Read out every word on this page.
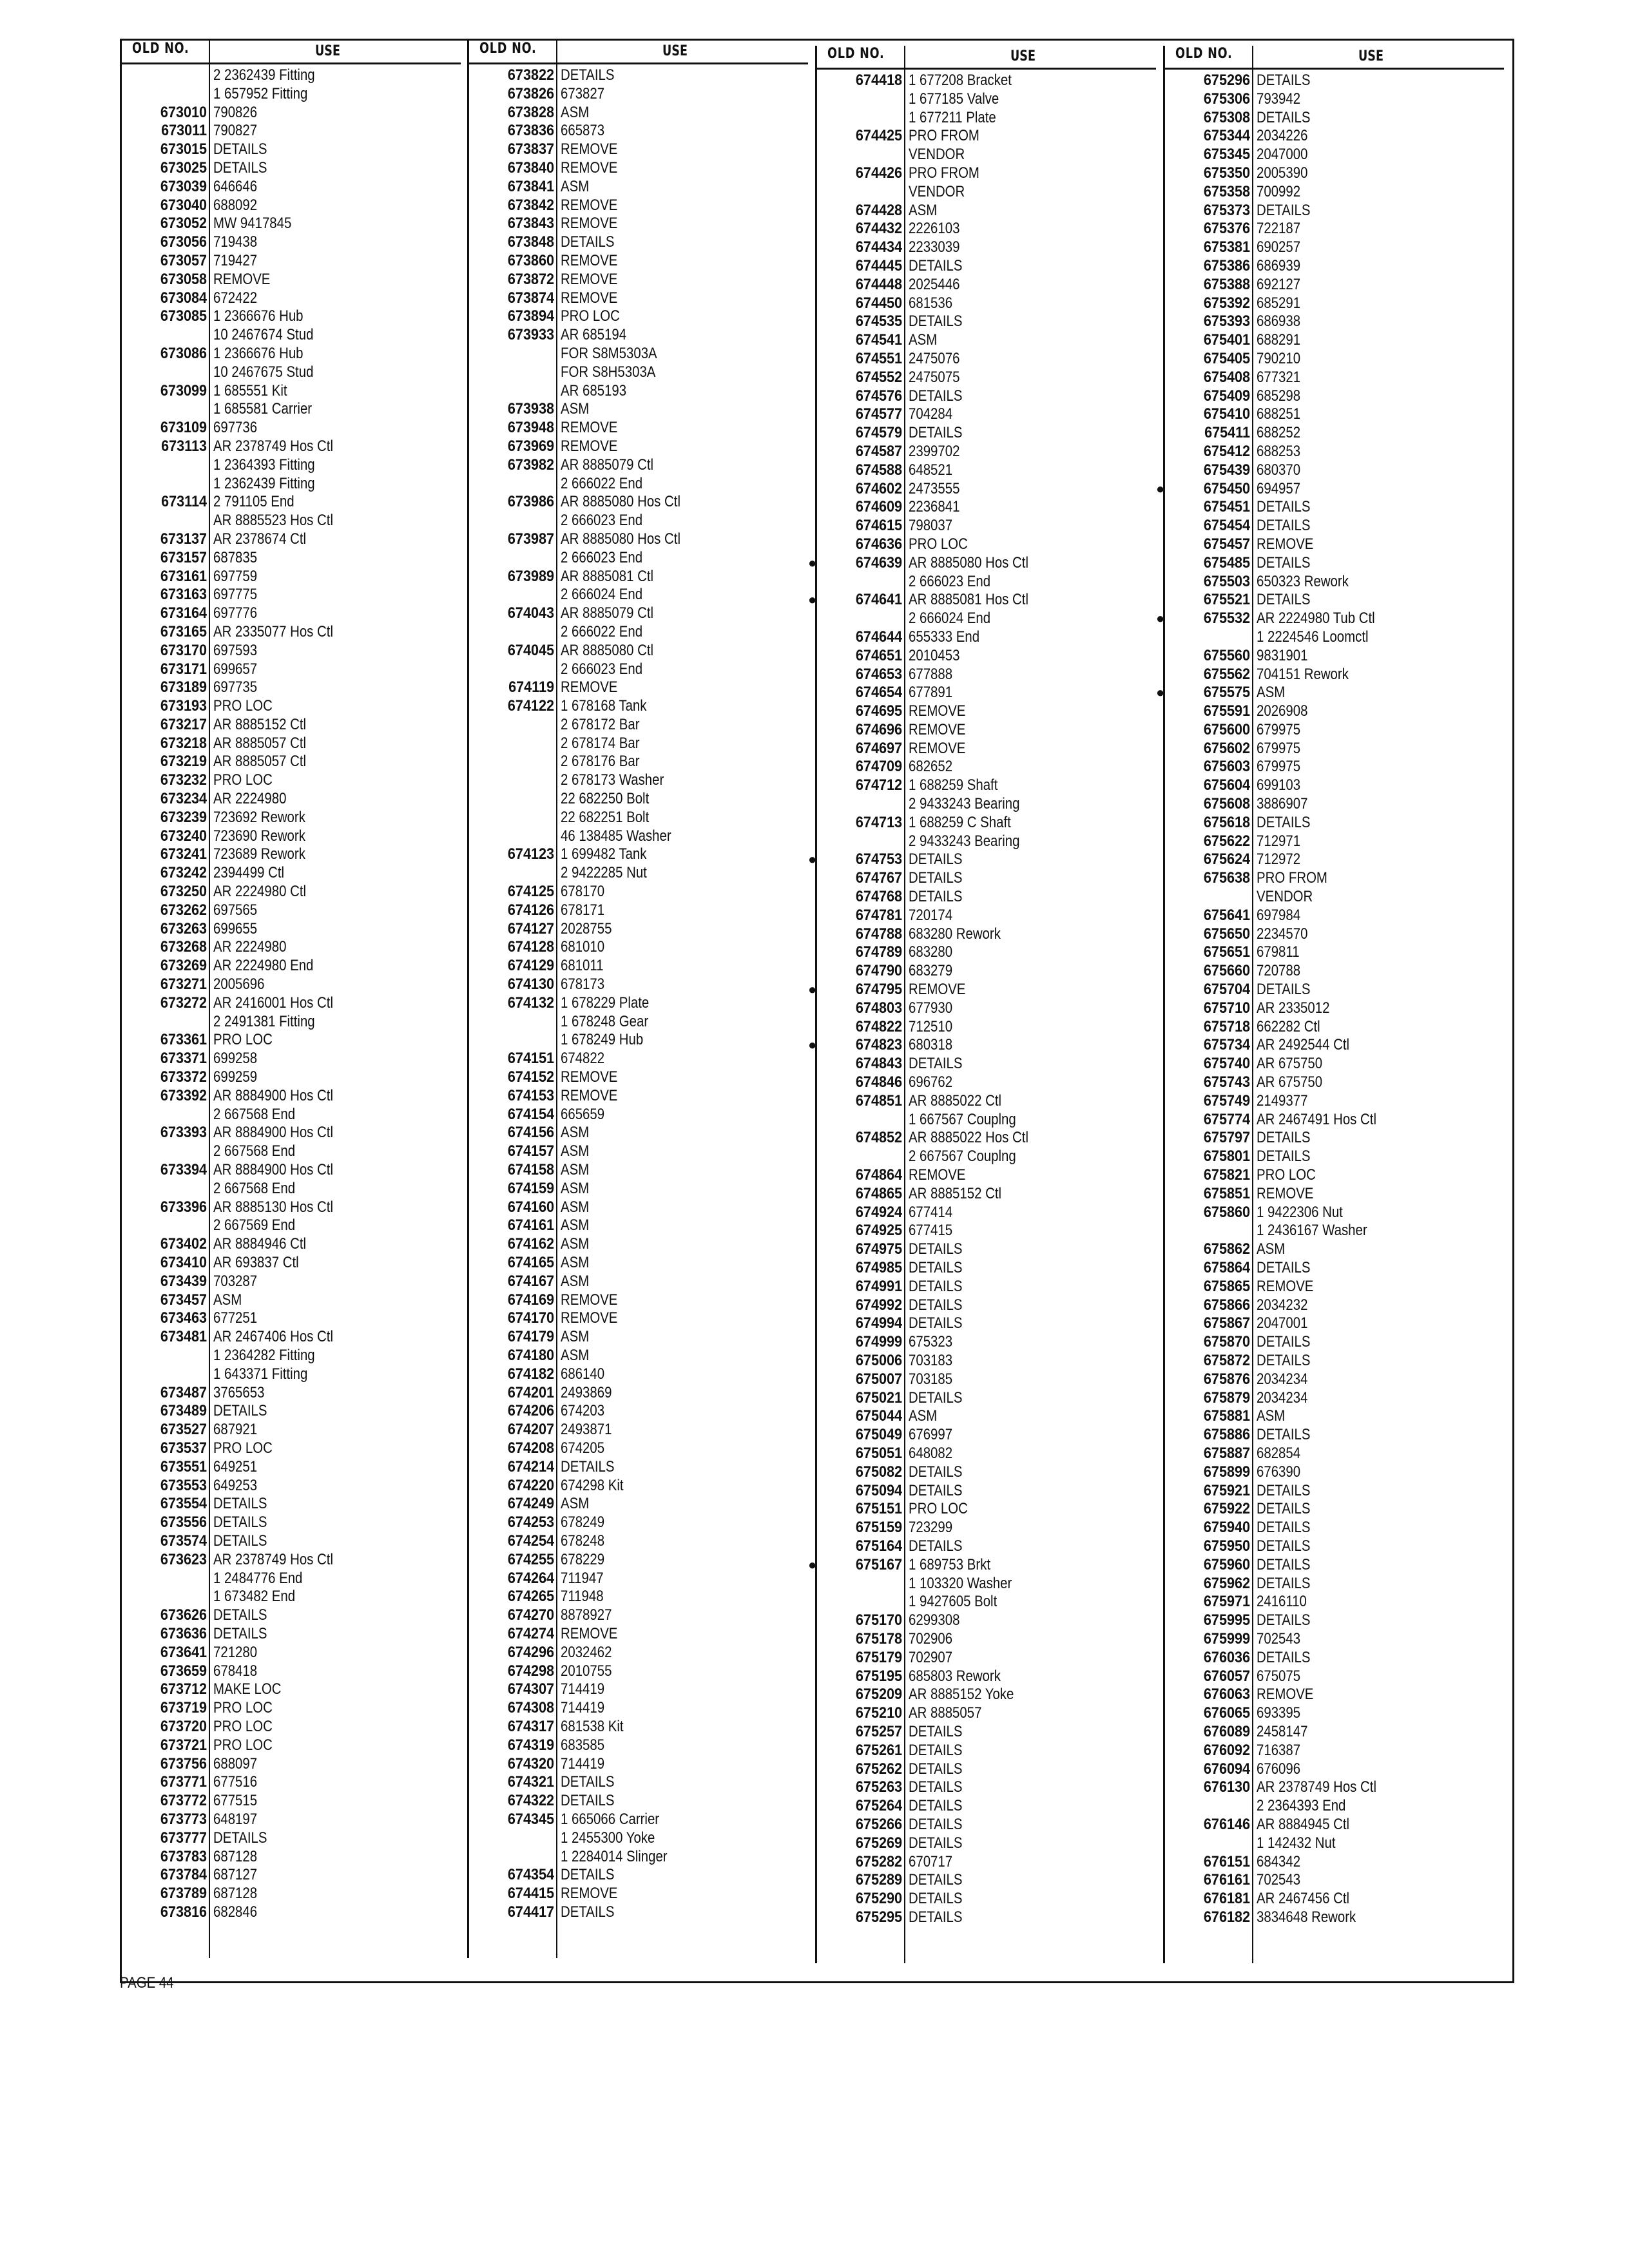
OLD NO.	USE
2 2362439 Fitting
1 657952 Fitting
673010 790826
673011 790827
673015 DETAILS
673025 DETAILS
673039 646646
673040 688092
673052 MW 9417845
673056 719438
673057 719427
673058 REMOVE
673084 672422
673085 1 2366676 Hub
10 2467674 Stud
673086 1 2366676 Hub
10 2467675 Stud
673099 1 685551 Kit
1 685581 Carrier
673109 697736
673113 AR 2378749 Hos Ctl
1 2364393 Fitting
1 2362439 Fitting
673114 2 791105 End
AR 8885523 Hos Ctl
673137 AR 2378674 Ctl
673157 687835
673161 697759
673163 697775
673164 697776
673165 AR 2335077 Hos Ctl
673170 697593
673171 699657
673189 697735
673193 PRO LOC
673217 AR 8885152 Ctl
673218 AR 8885057 Ctl
673219 AR 8885057 Ctl
673232 PRO LOC
673234 AR 2224980
673239 723692 Rework
673240 723690 Rework
673241 723689 Rework
673242 2394499 Ctl
673250 AR 2224980 Ctl
673262 697565
673263 699655
673268 AR 2224980
673269 AR 2224980 End
673271 2005696
673272 AR 2416001 Hos Ctl
2 2491381 Fitting
673361 PRO LOC
673371 699258
673372 699259
673392 AR 8884900 Hos Ctl
2 667568 End
673393 AR 8884900 Hos Ctl
2 667568 End
673394 AR 8884900 Hos Ctl
2 667568 End
673396 AR 8885130 Hos Ctl
2 667569 End
673402 AR 8884946 Ctl
673410 AR 693837 Ctl
673439 703287
673457 ASM
673463 677251
673481 AR 2467406 Hos Ctl
1 2364282 Fitting
1 643371 Fitting
673487 3765653
673489 DETAILS
673527 687921
673537 PRO LOC
673551 649251
673553 649253
673554 DETAILS
673556 DETAILS
673574 DETAILS
673623 AR 2378749 Hos Ctl
1 2484776 End
1 673482 End
673626 DETAILS
673636 DETAILS
673641 721280
673659 678418
673712 MAKE LOC
673719 PRO LOC
673720 PRO LOC
673721 PRO LOC
673756 688097
673771 677516
673772 677515
673773 648197
673777 DETAILS
673783 687128
673784 687127
673789 687128
673816 682846
OLD NO.	USE
673822 DETAILS
673826 673827
673828 ASM
673836 665873
673837 REMOVE
673840 REMOVE
673841 ASM
673842 REMOVE
673843 REMOVE
673848 DETAILS
673860 REMOVE
673872 REMOVE
673874 REMOVE
673894 PRO LOC
673933 AR 685194
FOR S8M5303A
FOR S8H5303A
AR 685193
673938 ASM
673948 REMOVE
673969 REMOVE
673982 AR 8885079 Ctl
2 666022 End
673986 AR 8885080 Hos Ctl
2 666023 End
673987 AR 8885080 Hos Ctl
2 666023 End
673989 AR 8885081 Ctl
2 666024 End
674043 AR 8885079 Ctl
2 666022 End
674045 AR 8885080 Ctl
2 666023 End
674119 REMOVE
674122 1 678168 Tank
2 678172 Bar
2 678174 Bar
2 678176 Bar
2 678173 Washer
22 682250 Bolt
22 682251 Bolt
46 138485 Washer
674123 1 699482 Tank
2 9422285 Nut
674125 678170
674126 678171
674127 2028755
674128 681010
674129 681011
674130 678173
674132 1 678229 Plate
1 678248 Gear
1 678249 Hub
674151 674822
674152 REMOVE
674153 REMOVE
674154 665659
674156 ASM
674157 ASM
674158 ASM
674159 ASM
674160 ASM
674161 ASM
674162 ASM
674165 ASM
674167 ASM
674169 REMOVE
674170 REMOVE
674179 ASM
674180 ASM
674182 686140
674201 2493869
674206 674203
674207 2493871
674208 674205
674214 DETAILS
674220 674298 Kit
674249 ASM
674253 678249
674254 678248
674255 678229
674264 711947
674265 711948
674270 8878927
674274 REMOVE
674296 2032462
674298 2010755
674307 714419
674308 714419
674317 681538 Kit
674319 683585
674320 714419
674321 DETAILS
674322 DETAILS
674345 1 665066 Carrier
1 2455300 Yoke
1 2284014 Slinger
674354 DETAILS
674415 REMOVE
674417 DETAILS
OLD NO.	USE
674418 1 677208 Bracket
1 677185 Valve
1 677211 Plate
674425 PRO FROM
VENDOR
674426 PRO FROM
VENDOR
674428 ASM
674432 2226103
674434 2233039
674445 DETAILS
674448 2025446
674450 681536
674535 DETAILS
674541 ASM
674551 2475076
674552 2475075
674576 DETAILS
674577 704284
674579 DETAILS
674587 2399702
674588 648521
674602 2473555
674609 2236841
674615 798037
674636 PRO LOC
●	674639 AR 8885080 Hos Ctl
2 666023 End
●	674641 AR 8885081 Hos Ctl
2 666024 End
674644 655333 End
674651 2010453
674653 677888
674654 677891
674695 REMOVE
674696 REMOVE
674697 REMOVE
674709 682652
674712 1 688259 Shaft
2 9433243 Bearing
674713 1 688259 C Shaft
2 9433243 Bearing
●	674753 DETAILS
674767 DETAILS
674768 DETAILS
674781 720174
674788 683280 Rework
674789 683280
674790 683279
●	674795 REMOVE
674803 677930
674822 712510
●	674823 680318
674843 DETAILS
674846 696762
674851 AR 8885022 Ctl
1 667567 Couplng
674852 AR 8885022 Hos Ctl
2 667567 Couplng
674864 REMOVE
674865 AR 8885152 Ctl
674924 677414
674925 677415
674975 DETAILS
674985 DETAILS
674991 DETAILS
674992 DETAILS
674994 DETAILS
674999 675323
675006 703183
675007 703185
675021 DETAILS
675044 ASM
675049 676997
675051 648082
675082 DETAILS
675094 DETAILS
675151 PRO LOC
675159 723299
675164 DETAILS
●	675167 1 689753 Brkt
1 103320 Washer
1 9427605 Bolt
675170 6299308
675178 702906
675179 702907
675195 685803 Rework
675209 AR 8885152 Yoke
675210 AR 8885057
675257 DETAILS
675261 DETAILS
675262 DETAILS
675263 DETAILS
675264 DETAILS
675266 DETAILS
675269 DETAILS
675282 670717
675289 DETAILS
675290 DETAILS
675295 DETAILS
OLD NO.	USE
675296 DETAILS
675306 793942
675308 DETAILS
675344 2034226
675345 2047000
675350 2005390
675358 700992
675373 DETAILS
675376 722187
675381 690257
675386 686939
675388 692127
675392 685291
675393 686938
675401 688291
675405 790210
675408 677321
675409 685298
675410 688251
675411 688252
675412 688253
675439 680370
●	675450 694957
675451 DETAILS
675454 DETAILS
675457 REMOVE
675485 DETAILS
675503 650323 Rework
675521 DETAILS
●	675532 AR 2224980 Tub Ctl
1 2224546 Loomctl
675560 9831901
675562 704151 Rework
●	675575 ASM
675591 2026908
675600 679975
675602 679975
675603 679975
675604 699103
675608 3886907
675618 DETAILS
675622 712971
675624 712972
675638 PRO FROM
VENDOR
675641 697984
675650 2234570
675651 679811
675660 720788
675704 DETAILS
675710 AR 2335012
675718 662282 Ctl
675734 AR 2492544 Ctl
675740 AR 675750
675743 AR 675750
675749 2149377
675774 AR 2467491 Hos Ctl
675797 DETAILS
675801 DETAILS
675821 PRO LOC
675851 REMOVE
675860 1 9422306 Nut
1 2436167 Washer
675862 ASM
675864 DETAILS
675865 REMOVE
675866 2034232
675867 2047001
675870 DETAILS
675872 DETAILS
675876 2034234
675879 2034234
675881 ASM
675886 DETAILS
675887 682854
675899 676390
675921 DETAILS
675922 DETAILS
675940 DETAILS
675950 DETAILS
675960 DETAILS
675962 DETAILS
675971 2416110
675995 DETAILS
675999 702543
676036 DETAILS
676057 675075
676063 REMOVE
676065 693395
676089 2458147
676092 716387
676094 676096
676130 AR 2378749 Hos Ctl
2 2364393 End
676146 AR 8884945 Ctl
1 142432 Nut
676151 684342
676161 702543
676181 AR 2467456 Ctl
676182 3834648 Rework
PAGE 44
